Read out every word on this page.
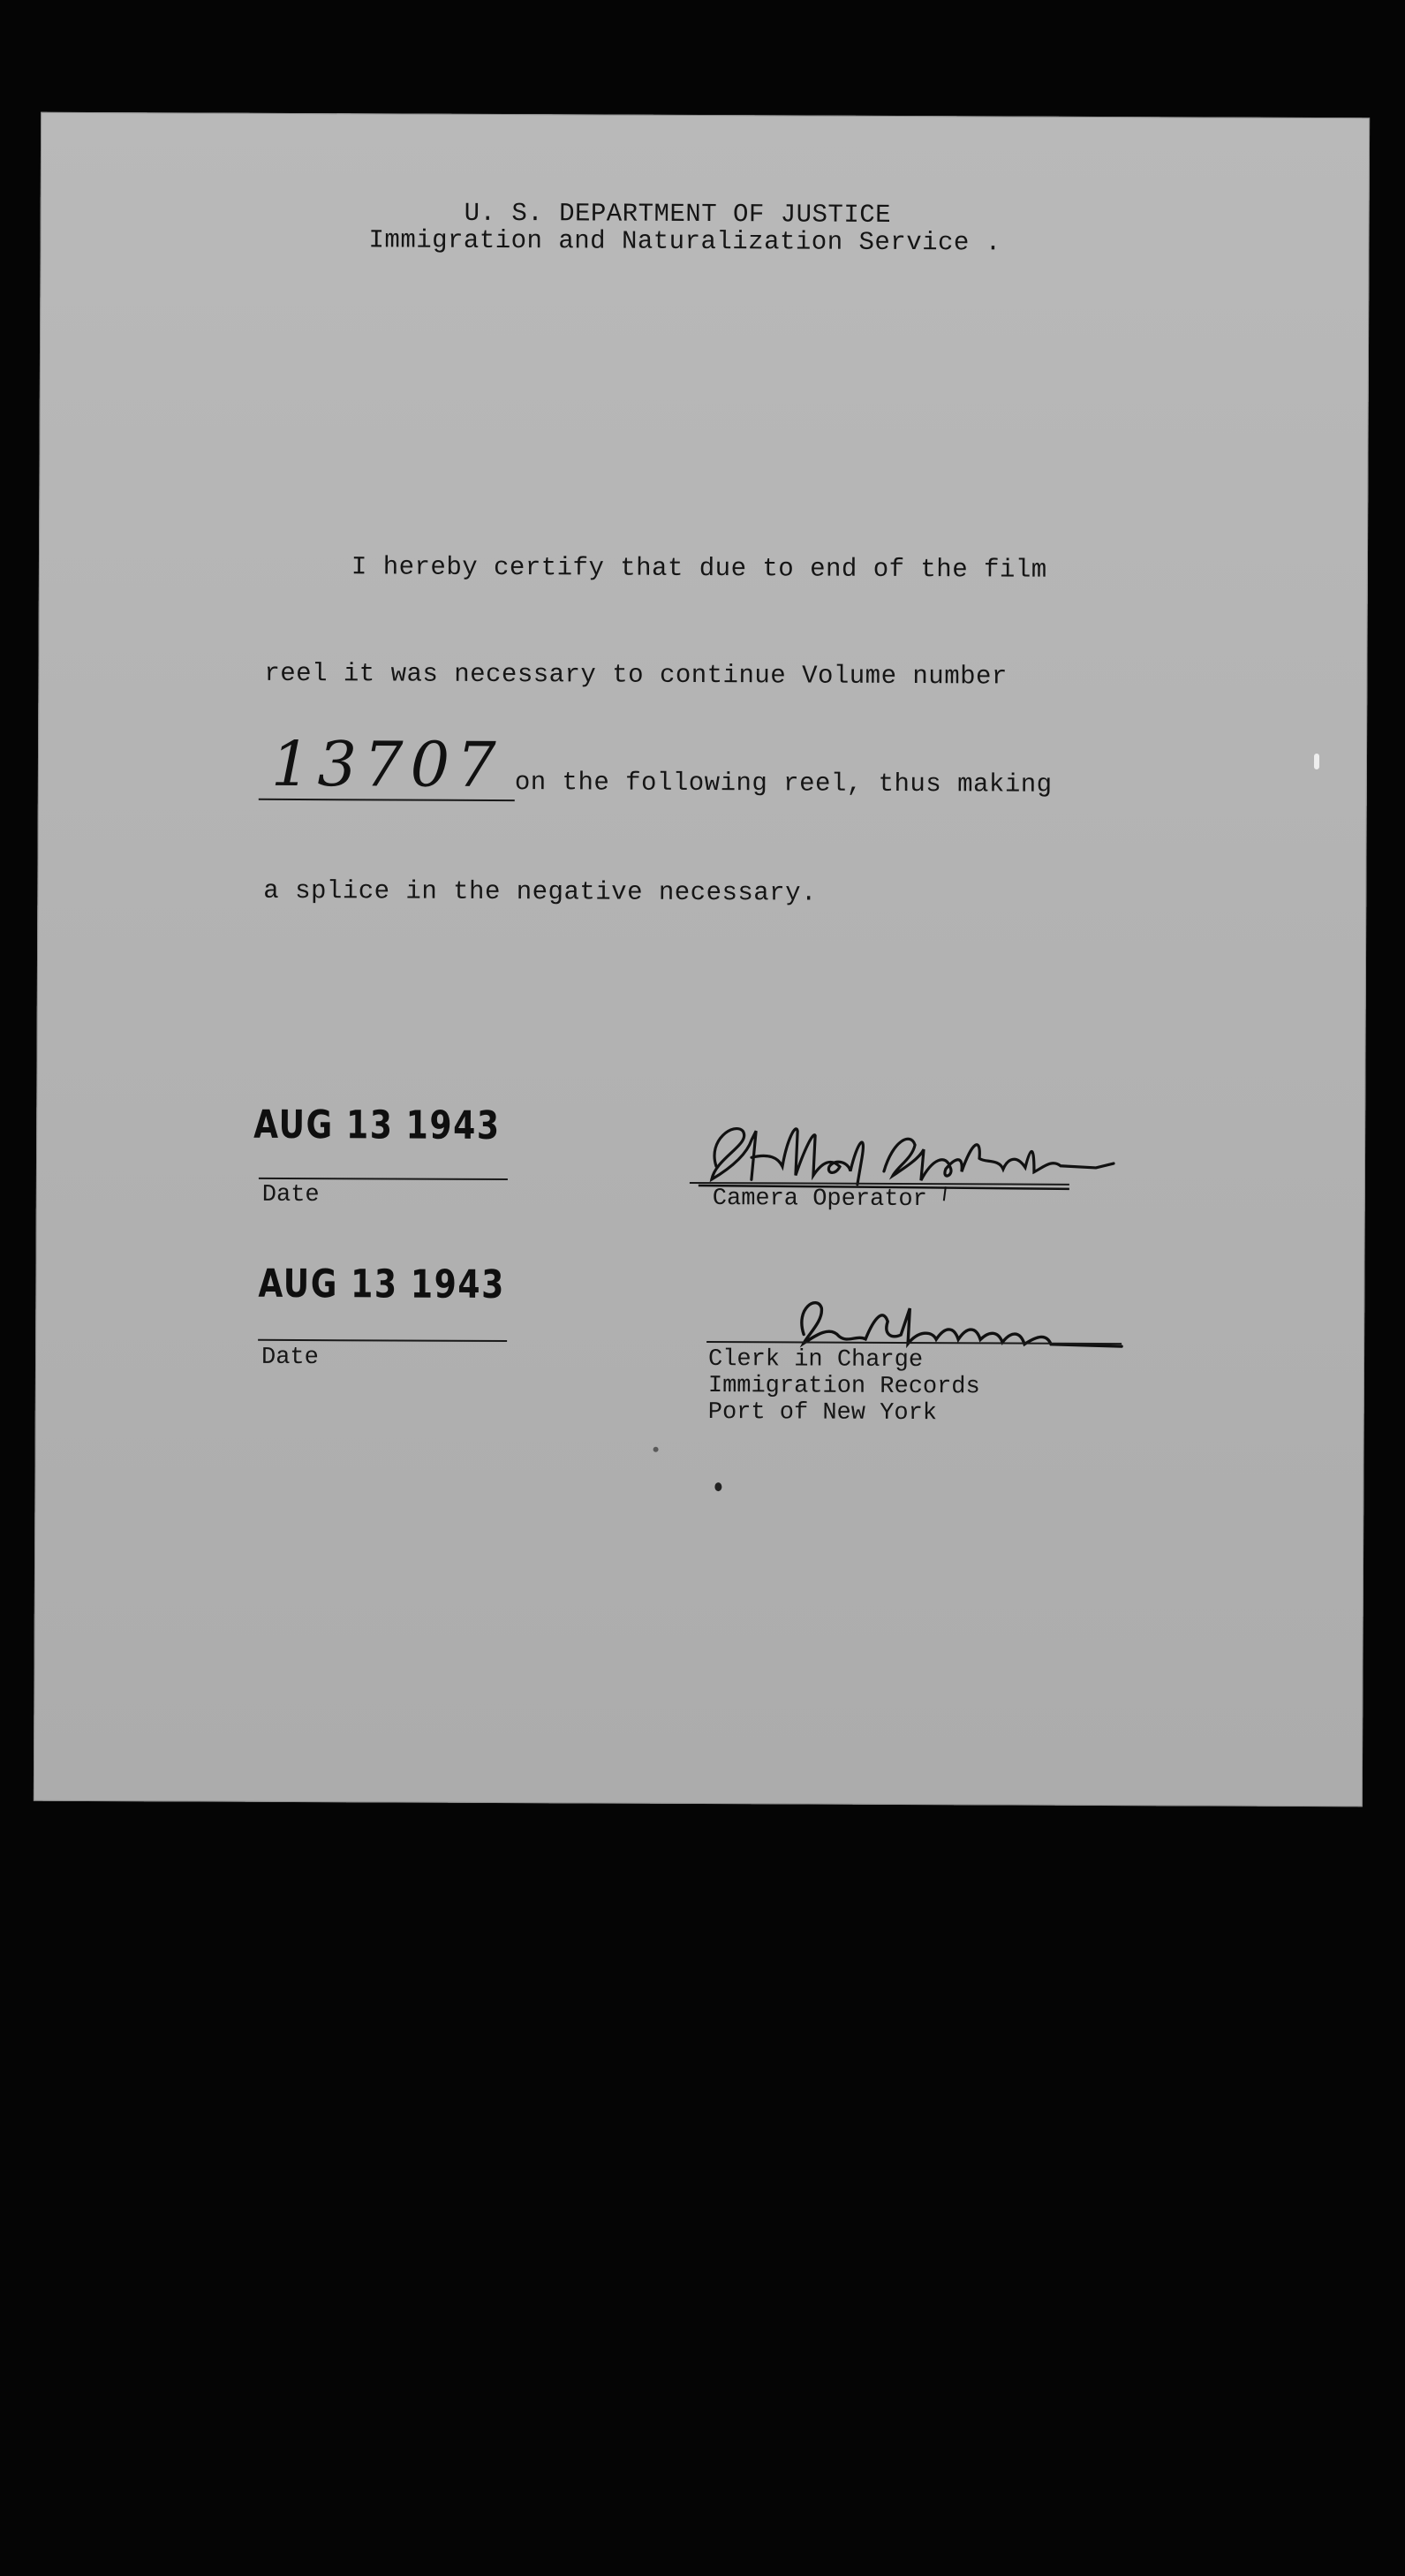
U. S. DEPARTMENT OF JUSTICE
Immigration and Naturalization Service .
I hereby certify that due to end of the film
reel it was necessary to continue Volume number
13707 on the following reel, thus making
a splice in the negative necessary.
AUG 13 1943
Date	Camera Operator
AUG 13 1943
Date	Clerk in Charge
Immigration Records
Port of New York
